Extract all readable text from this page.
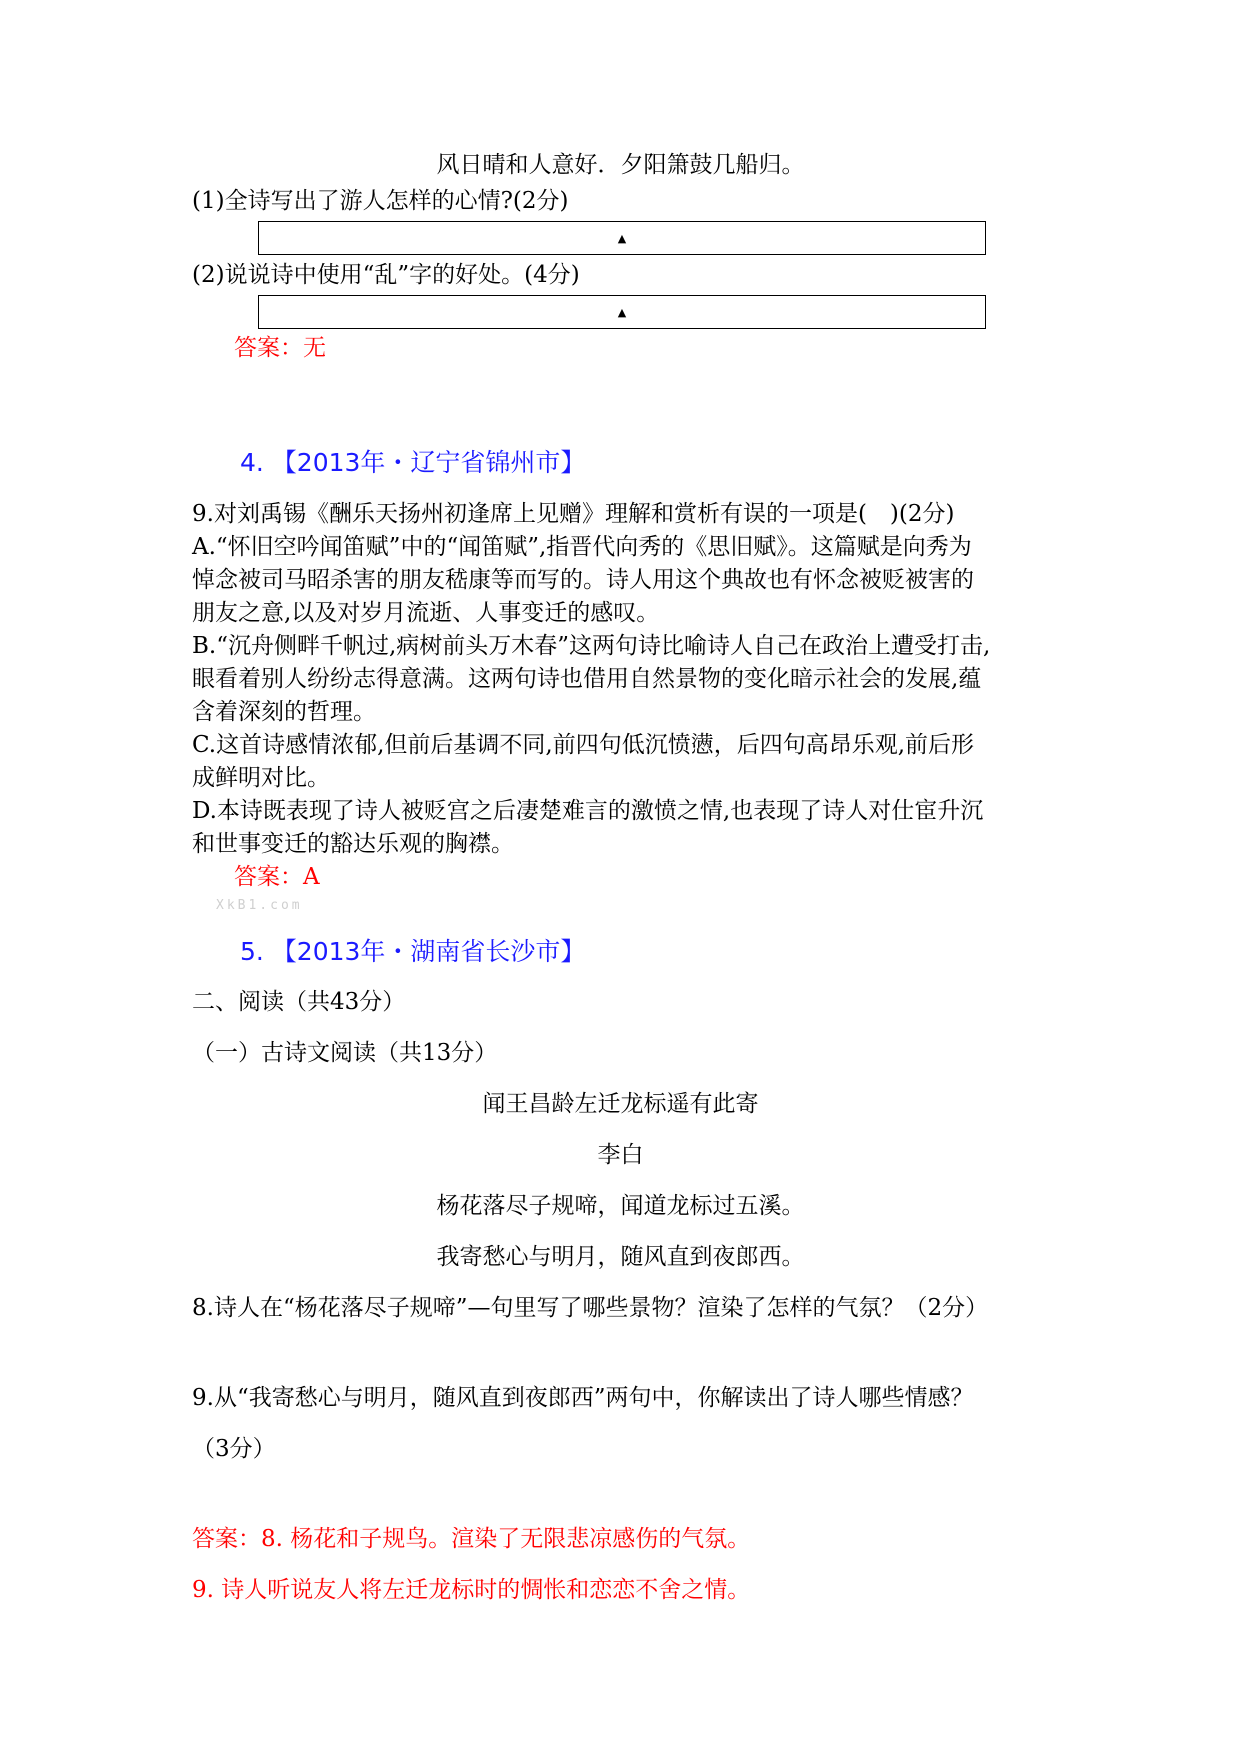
风日晴和人意好．夕阳箫鼓几船归。
(1)全诗写出了游人怎样的心情?(2分)
▲
(2)说说诗中使用“乱”字的好处。(4分)
▲
答案：无
4. 【2013年・辽宁省锦州市】
9.对刘禹锡《酬乐天扬州初逢席上见赠》理解和赏析有误的一项是(　)(2分)
A.“怀旧空吟闻笛赋”中的“闻笛赋”,指晋代向秀的《思旧赋》。这篇赋是向秀为
悼念被司马昭杀害的朋友嵇康等而写的。诗人用这个典故也有怀念被贬被害的
朋友之意,以及对岁月流逝、人事变迁的感叹。
B.“沉舟侧畔千帆过,病树前头万木春”这两句诗比喻诗人自己在政治上遭受打击,
眼看着别人纷纷志得意满。这两句诗也借用自然景物的变化暗示社会的发展,蕴
含着深刻的哲理。
C.这首诗感情浓郁,但前后基调不同,前四句低沉愤懑，后四句高昂乐观,前后形
成鲜明对比。
D.本诗既表现了诗人被贬宫之后凄楚难言的激愤之情,也表现了诗人对仕宦升沉
和世事变迁的豁达乐观的胸襟。
答案：A
XkB1.com
5. 【2013年・湖南省长沙市】
二、阅读（共43分）
（一）古诗文阅读（共13分）
闻王昌龄左迁龙标遥有此寄
李白
杨花落尽子规啼，闻道龙标过五溪。
我寄愁心与明月，随风直到夜郎西。
8.诗人在“杨花落尽子规啼”—句里写了哪些景物？渲染了怎样的气氛？（2分）
9.从“我寄愁心与明月，随风直到夜郎西”两句中，你解读出了诗人哪些情感？
（3分）
答案：8. 杨花和子规鸟。渲染了无限悲凉感伤的气氛。
9. 诗人听说友人将左迁龙标时的惆怅和恋恋不舍之情。
